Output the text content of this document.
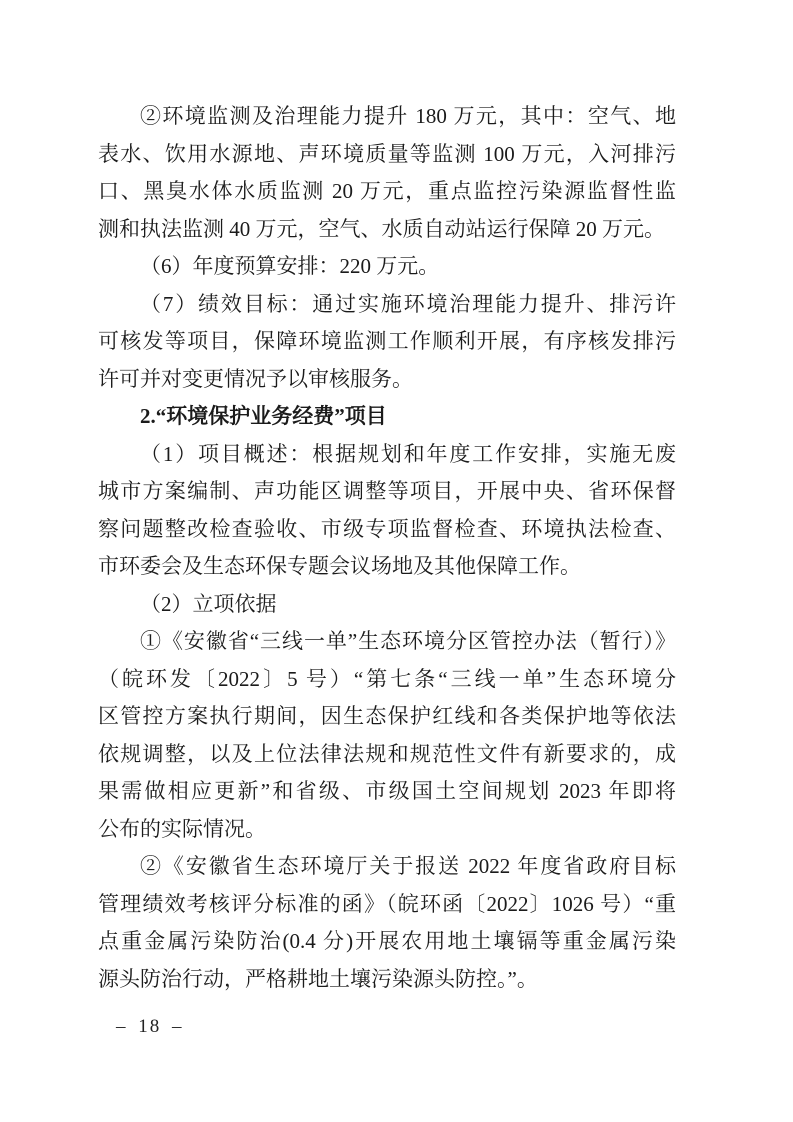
②环境监测及治理能力提升 180 万元，其中：空气、地
表水、饮用水源地、声环境质量等监测 100 万元，入河排污
口、黑臭水体水质监测 20 万元，重点监控污染源监督性监
测和执法监测 40 万元，空气、水质自动站运行保障 20 万元。
（6）年度预算安排：220 万元。
（7）绩效目标：通过实施环境治理能力提升、排污许
可核发等项目，保障环境监测工作顺利开展，有序核发排污
许可并对变更情况予以审核服务。
2.“环境保护业务经费”项目
（1）项目概述：根据规划和年度工作安排，实施无废
城市方案编制、声功能区调整等项目，开展中央、省环保督
察问题整改检查验收、市级专项监督检查、环境执法检查、
市环委会及生态环保专题会议场地及其他保障工作。
（2）立项依据
①《安徽省“三线一单”生态环境分区管控办法（暂行）》
（皖环发〔2022〕5 号）“第七条“三线一单”生态环境分
区管控方案执行期间，因生态保护红线和各类保护地等依法
依规调整，以及上位法律法规和规范性文件有新要求的，成
果需做相应更新”和省级、市级国土空间规划 2023 年即将
公布的实际情况。
②《安徽省生态环境厅关于报送 2022 年度省政府目标
管理绩效考核评分标准的函》（皖环函〔2022〕1026 号）“重
点重金属污染防治(0.4 分)开展农用地土壤镉等重金属污染
源头防治行动，严格耕地土壤污染源头防控。”。
– 18 –
